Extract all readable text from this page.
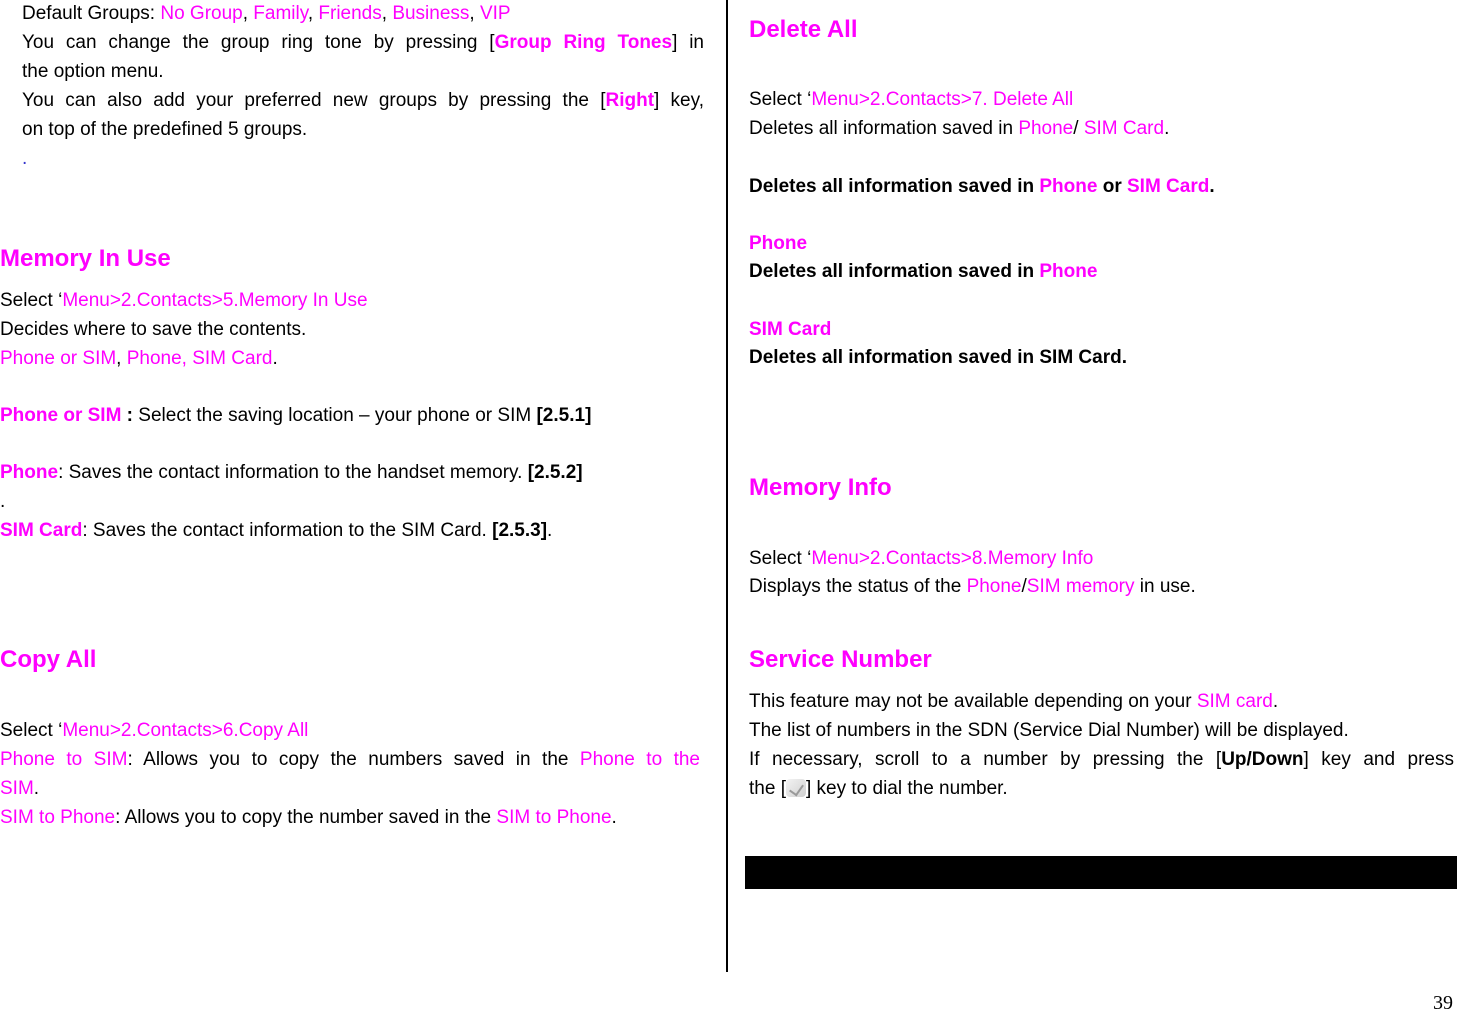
Default Groups: No Group, Family, Friends, Business, VIP
You can change the group ring tone by pressing [Group Ring Tones] in
the option menu.
You can also add your preferred new groups by pressing the [Right] key,
on top of the predefined 5 groups.
.
Memory In Use
Select ‘Menu>2.Contacts>5.Memory In Use
Decides where to save the contents.
Phone or SIM, Phone, SIM Card.
Phone or SIM : Select the saving location – your phone or SIM [2.5.1]
Phone: Saves the contact information to the handset memory. [2.5.2]
.
SIM Card: Saves the contact information to the SIM Card. [2.5.3].
Copy All
Select ‘Menu>2.Contacts>6.Copy All
Phone to SIM: Allows you to copy the numbers saved in the Phone to the
SIM.
SIM to Phone: Allows you to copy the number saved in the SIM to Phone.
Delete All
Select ‘Menu>2.Contacts>7. Delete All
Deletes all information saved in Phone/ SIM Card.
Deletes all information saved in Phone or SIM Card.
Phone
Deletes all information saved in Phone
SIM Card
Deletes all information saved in SIM Card.
Memory Info
Select ‘Menu>2.Contacts>8.Memory Info
Displays the status of the Phone/SIM memory in use.
Service Number
This feature may not be available depending on your SIM card.
The list of numbers in the SDN (Service Dial Number) will be displayed.
If necessary, scroll to a number by pressing the [Up/Down] key and press
the [ ] key to dial the number.
39
